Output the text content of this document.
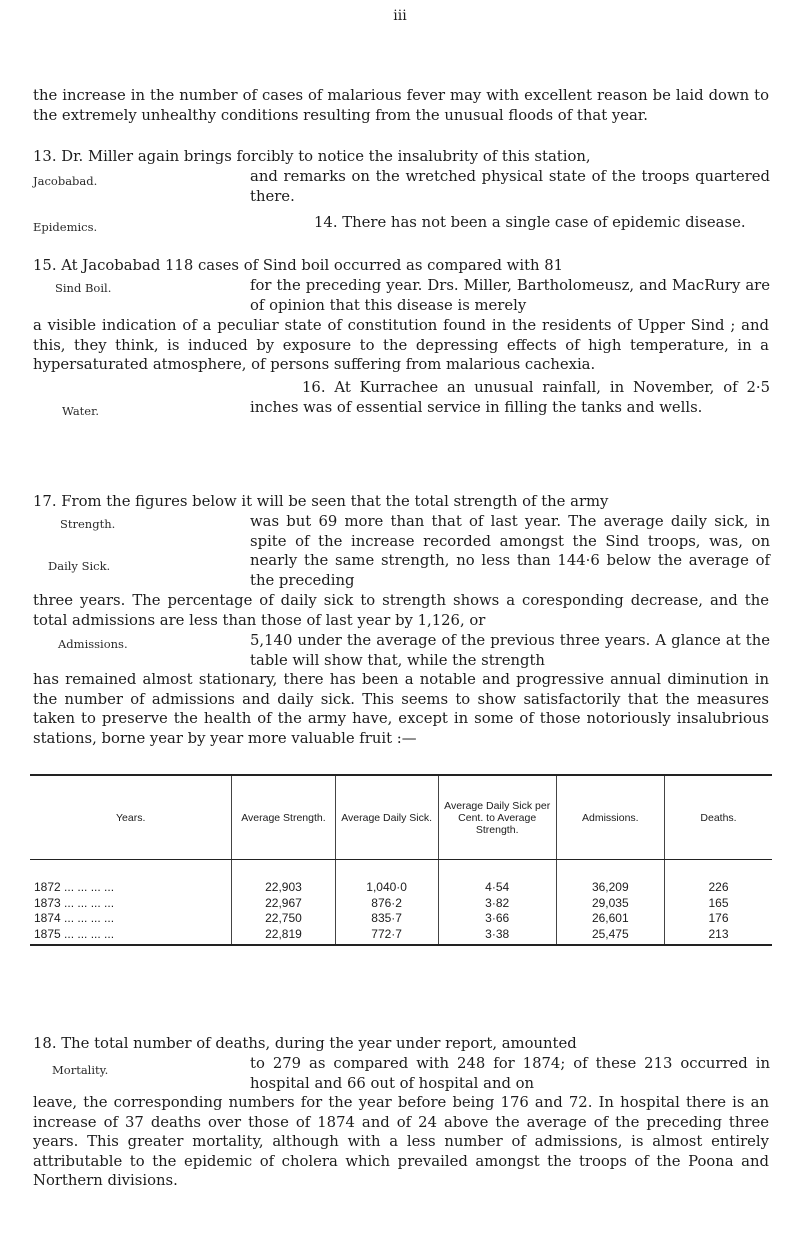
iii
the increase in the number of cases of malarious fever may with excellent reason be laid down to the extremely unhealthy conditions resulting from the unusual floods of that year.
13. Dr. Miller again brings forcibly to notice the insalubrity of this station,
Jacobabad.	and remarks on the wretched physical state of the troops quartered there.
Epidemics.	14. There has not been a single case of epidemic disease.
15. At Jacobabad 118 cases of Sind boil occurred as compared with 81
Sind Boil.	for the preceding year. Drs. Miller, Bartholomeusz, and MacRury are of opinion that this disease is merely
a visible indication of a peculiar state of constitution found in the residents of Upper Sind ; and this, they think, is induced by exposure to the depressing effects of high temperature, in a hypersaturated atmosphere, of persons suffering from malarious cachexia.
Water.
16. At Kurrachee an unusual rainfall, in November, of 2·5 inches was of essential service in filling the tanks and wells.
17. From the figures below it will be seen that the total strength of the army
Strength.
Daily Sick.
was but 69 more than that of last year. The average daily sick, in spite of the increase recorded amongst the Sind troops, was, on nearly the same strength, no less than 144·6 below the average of the preceding
three years. The percentage of daily sick to strength shows a coresponding decrease, and the total admissions are less than those of last year by 1,126, or
Admissions.	5,140 under the average of the previous three years. A glance at the table will show that, while the strength
has remained almost stationary, there has been a notable and progressive annual diminution in the number of admissions and daily sick. This seems to show satisfactorily that the measures taken to preserve the health of the army have, except in some of those notoriously insalubrious stations, borne year by year more valuable fruit :—
Years.	Average Strength.	Average Daily Sick.	Average Daily Sick per Cent. to Average Strength.	Admissions.	Deaths.
1872 ... ... ... ...	22,903	1,040·0	4·54	36,209	226
1873 ... ... ... ...	22,967	876·2	3·82	29,035	165
1874 ... ... ... ...	22,750	835·7	3·66	26,601	176
1875 ... ... ... ...	22,819	772·7	3·38	25,475	213
18. The total number of deaths, during the year under report, amounted
Mortality.	to 279 as compared with 248 for 1874; of these 213 occurred in hospital and 66 out of hospital and on
leave, the corresponding numbers for the year before being 176 and 72. In hospital there is an increase of 37 deaths over those of 1874 and of 24 above the average of the preceding three years. This greater mortality, although with a less number of admissions, is almost entirely attributable to the epidemic of cholera which prevailed amongst the troops of the Poona and Northern divisions.
